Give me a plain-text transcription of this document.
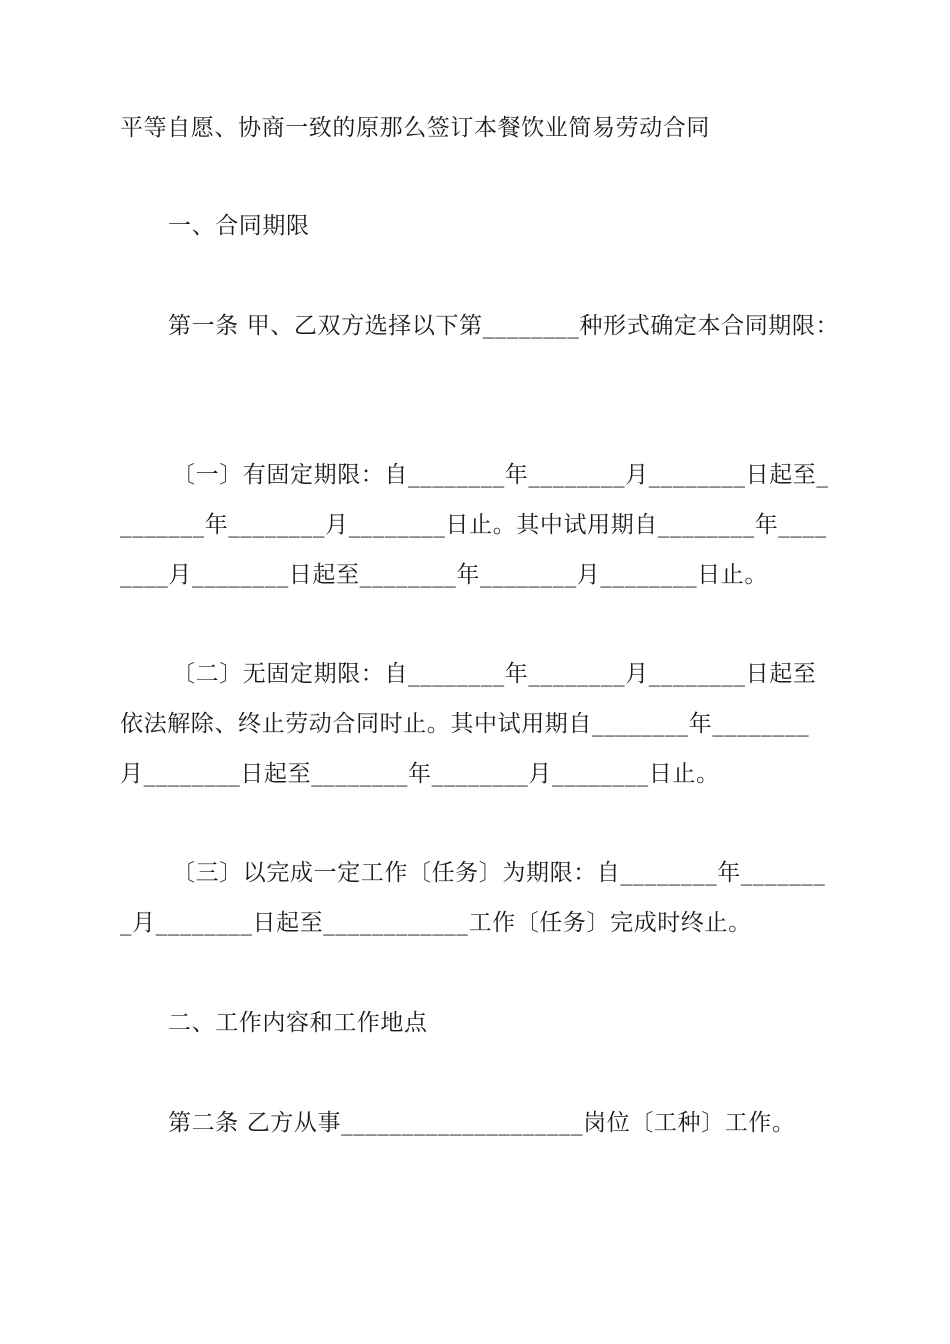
平等自愿、协商一致的原那么签订本餐饮业简易劳动合同
一、合同期限
第一条 甲、乙双方选择以下第________种形式确定本合同期限：
〔一〕有固定期限：自________年________月________日起至_
_______年________月________日止。其中试用期自________年____
____月________日起至________年________月________日止。
〔二〕无固定期限：自________年________月________日起至
依法解除、终止劳动合同时止。其中试用期自________年________
月________日起至________年________月________日止。
〔三〕以完成一定工作〔任务〕为期限：自________年_______
_月________日起至____________工作〔任务〕完成时终止。
二、工作内容和工作地点
第二条 乙方从事____________________岗位〔工种〕工作。
